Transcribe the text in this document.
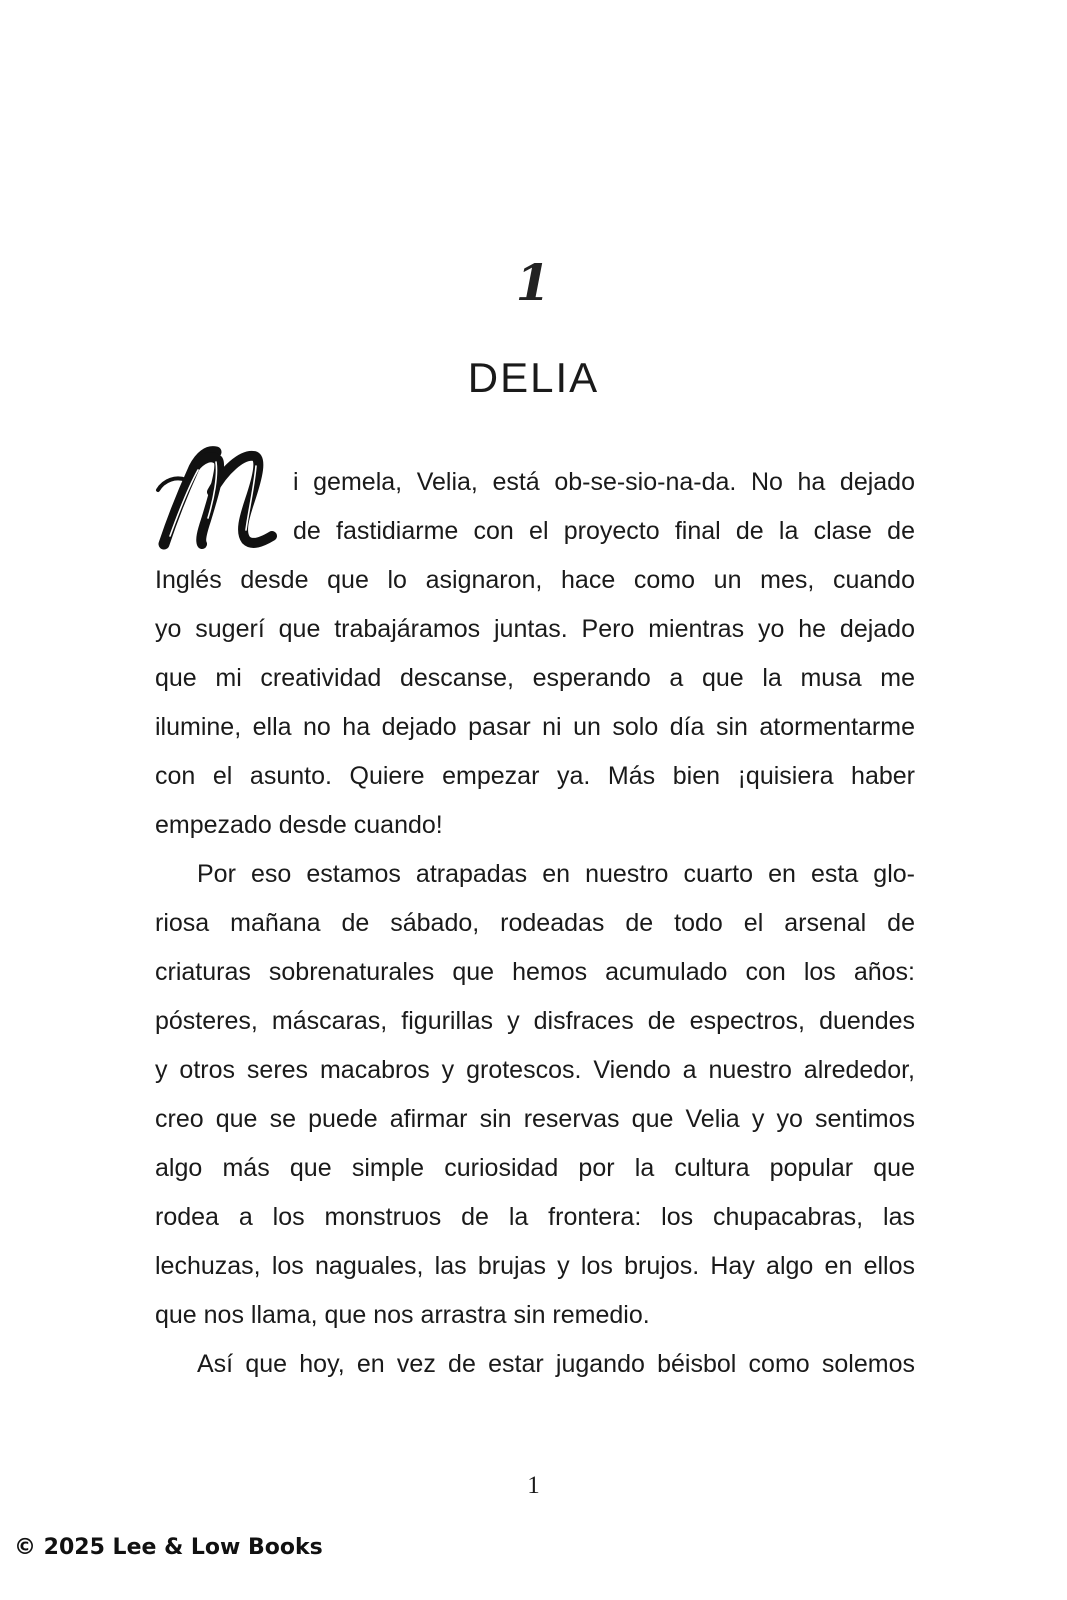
1
DELIA

i gemela, Velia, está ob-se-sio-na-da. No ha dejado
de fastidiarme con el proyecto final de la clase de
Inglés desde que lo asignaron, hace como un mes, cuando
yo sugerí que trabajáramos juntas. Pero mientras yo he dejado
que mi creatividad descanse, esperando a que la musa me
ilumine, ella no ha dejado pasar ni un solo día sin atormentarme
con el asunto. Quiere empezar ya. Más bien ¡quisiera haber
empezado desde cuando!

Por eso estamos atrapadas en nuestro cuarto en esta glo-
riosa mañana de sábado, rodeadas de todo el arsenal de
criaturas sobrenaturales que hemos acumulado con los años:
pósteres, máscaras, figurillas y disfraces de espectros, duendes
y otros seres macabros y grotescos. Viendo a nuestro alrededor,
creo que se puede afirmar sin reservas que Velia y yo sentimos
algo más que simple curiosidad por la cultura popular que
rodea a los monstruos de la frontera: los chupacabras, las
lechuzas, los naguales, las brujas y los brujos. Hay algo en ellos
que nos llama, que nos arrastra sin remedio.

Así que hoy, en vez de estar jugando béisbol como solemos

1
© 2025 Lee & Low Books
